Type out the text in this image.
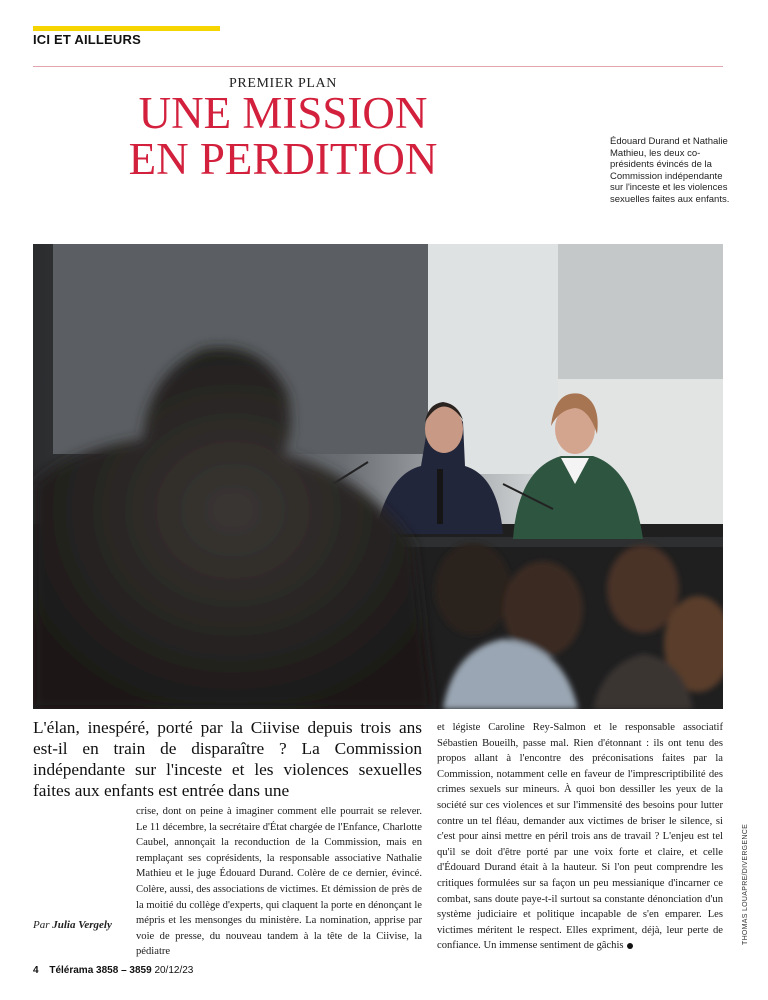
ICI ET AILLEURS
PREMIER PLAN
UNE MISSION
EN PERDITION	Édouard Durand et Nathalie Mathieu, les deux co-présidents évincés de la Commission indépendante sur l'inceste et les violences sexuelles faites aux enfants.
THOMAS LOUAPRE/DIVERGENCE

L'élan, inespéré, porté par la Ciivise depuis trois ans est-il en train de disparaître ? La Commission indépendante sur l'inceste et les violences sexuelles faites aux enfants est entrée dans une

crise, dont on peine à imaginer comment elle pourrait se relever. Le 11 décembre, la secrétaire d'État chargée de l'Enfance, Charlotte Caubel, annonçait la reconduction de la Commission, mais en remplaçant ses coprésidents, la responsable associative Nathalie Mathieu et le juge Édouard Durand. Colère de ce dernier, évincé. Colère, aussi, des associations de victimes. Et démission de près de la moitié du collège d'experts, qui claquent la porte en dénonçant le mépris et les mensonges du ministère. La nomination, apprise par voie de presse, du nouveau tandem à la tête de la Ciivise, la pédiatre

et légiste Caroline Rey-Salmon et le responsable associatif Sébastien Boueilh, passe mal. Rien d'étonnant : ils ont tenu des propos allant à l'encontre des préconisations faites par la Commission, notamment celle en faveur de l'imprescriptibilité des crimes sexuels sur mineurs. À quoi bon dessiller les yeux de la société sur ces violences et sur l'immensité des besoins pour lutter contre un tel fléau, demander aux victimes de briser le silence, si c'est pour ainsi mettre en péril trois ans de travail ? L'enjeu est tel qu'il se doit d'être porté par une voix forte et claire, et celle d'Édouard Durand était à la hauteur. Si l'on peut comprendre les critiques formulées sur sa façon un peu messianique d'incarner ce combat, sans doute paye-t-il surtout sa constante dénonciation d'un système judiciaire et politique incapable de s'en emparer. Les victimes méritent le respect. Elles expriment, déjà, leur perte de confiance. Un immense sentiment de gâchis

Par Julia Vergely
4 Télérama 3858 – 3859 20/12/23
